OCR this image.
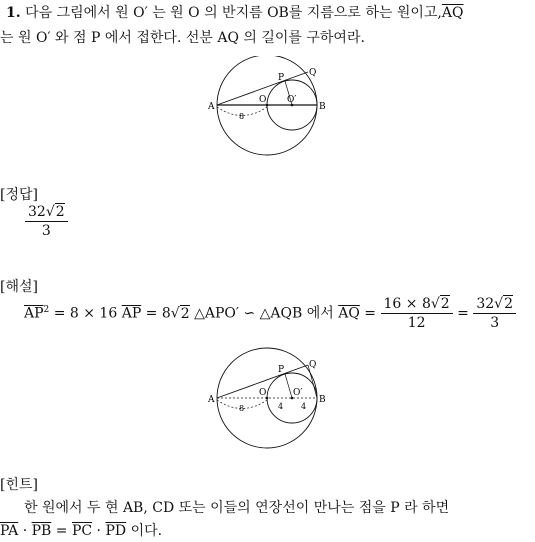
1. 다음 그림에서 원 O′ 는 원 O 의 반지름 OB를 지름으로 하는 원이고$,\overline{AQ}$
는 원 O′ 와 점 P 에서 접한다. 선분 AQ 의 길이를 구하여라.
A	B
O O′
P	Q
8
[정답]
$\frac{32√2}{3}$
[해설]
$\overline{AP}^2 = 8 \times 16$ $\overline{AP} = 8√2$ △APO′ ∽ △AQB 에서 $\overline{AQ} = \frac{16 \times 8√2}{12} = \frac{32√2}{3}$
A	B
O	O′
P	Q
8	4 4
[힌트]
한 원에서 두 현 AB, CD 또는 이들의 연장선이 만나는 점을 P 라 하면
$\overline{PA} \cdot \overline{PB} = \overline{PC} \cdot \overline{PD}$ 이다.
